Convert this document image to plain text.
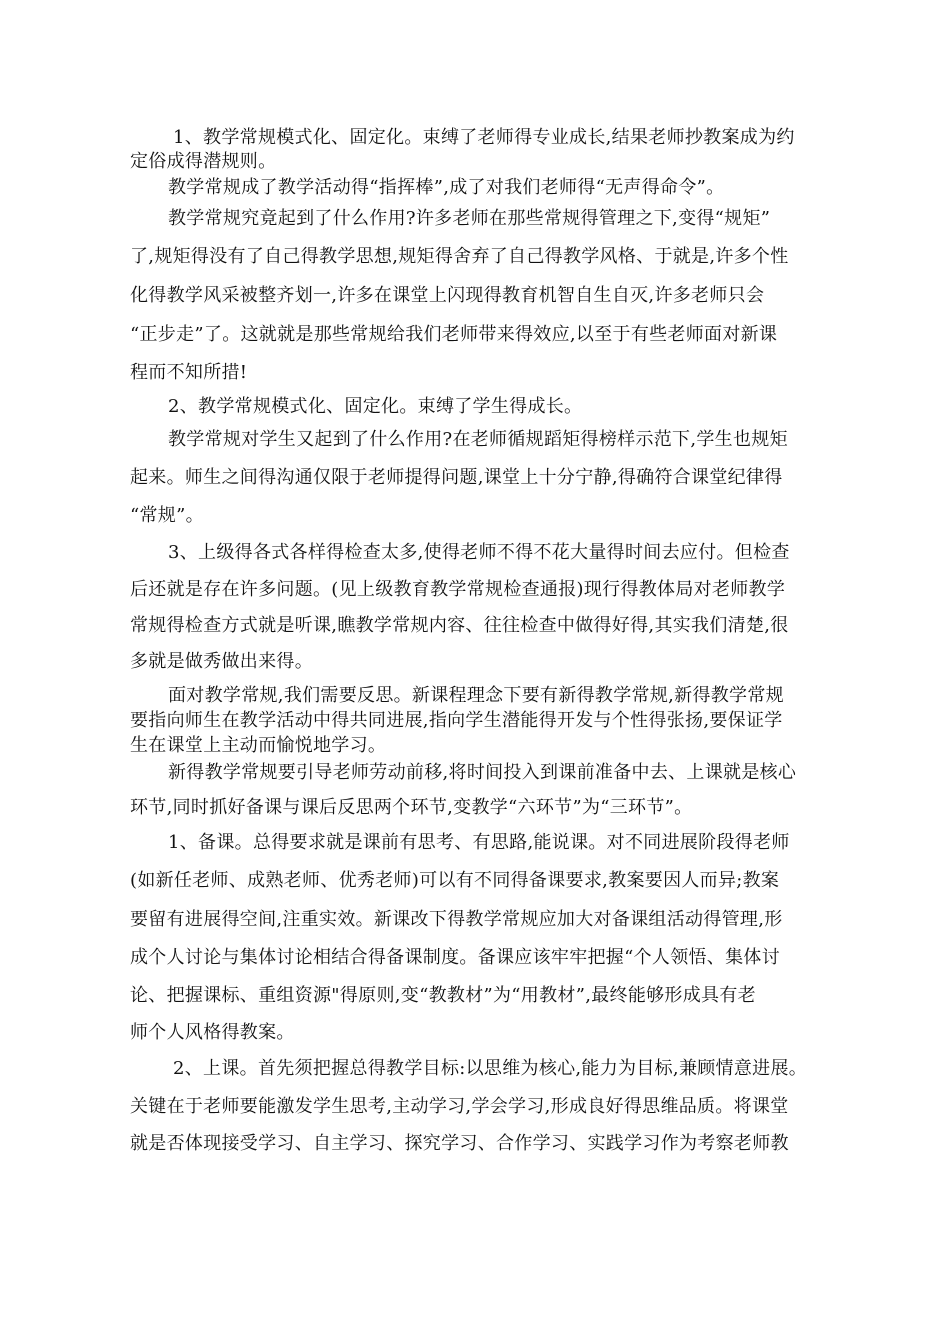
1、教学常规模式化、固定化。束缚了老师得专业成长,结果老师抄教案成为约
定俗成得潜规则。
教学常规成了教学活动得“指挥棒”,成了对我们老师得“无声得命令”。
教学常规究竟起到了什么作用?许多老师在那些常规得管理之下,变得“规矩”
了,规矩得没有了自己得教学思想,规矩得舍弃了自己得教学风格、于就是,许多个性
化得教学风采被整齐划一,许多在课堂上闪现得教育机智自生自灭,许多老师只会
“正步走”了。这就就是那些常规给我们老师带来得效应,以至于有些老师面对新课
程而不知所措!
2、教学常规模式化、固定化。束缚了学生得成长。
教学常规对学生又起到了什么作用?在老师循规蹈矩得榜样示范下,学生也规矩
起来。师生之间得沟通仅限于老师提得问题,课堂上十分宁静,得确符合课堂纪律得
“常规”。
3、上级得各式各样得检查太多,使得老师不得不花大量得时间去应付。但检查
后还就是存在许多问题。(见上级教育教学常规检查通报)现行得教体局对老师教学
常规得检查方式就是听课,瞧教学常规内容、往往检查中做得好得,其实我们清楚,很
多就是做秀做出来得。
面对教学常规,我们需要反思。新课程理念下要有新得教学常规,新得教学常规
要指向师生在教学活动中得共同进展,指向学生潜能得开发与个性得张扬,要保证学
生在课堂上主动而愉悦地学习。
新得教学常规要引导老师劳动前移,将时间投入到课前准备中去、上课就是核心
环节,同时抓好备课与课后反思两个环节,变教学“六环节”为“三环节”。
1、备课。总得要求就是课前有思考、有思路,能说课。对不同进展阶段得老师
(如新任老师、成熟老师、优秀老师)可以有不同得备课要求,教案要因人而异;教案
要留有进展得空间,注重实效。新课改下得教学常规应加大对备课组活动得管理,形
成个人讨论与集体讨论相结合得备课制度。备课应该牢牢把握“个人领悟、集体讨
论、把握课标、重组资源"得原则,变“教教材”为“用教材”,最终能够形成具有老
师个人风格得教案。
2、上课。首先须把握总得教学目标:以思维为核心,能力为目标,兼顾情意进展。
关键在于老师要能激发学生思考,主动学习,学会学习,形成良好得思维品质。将课堂
就是否体现接受学习、自主学习、探究学习、合作学习、实践学习作为考察老师教
